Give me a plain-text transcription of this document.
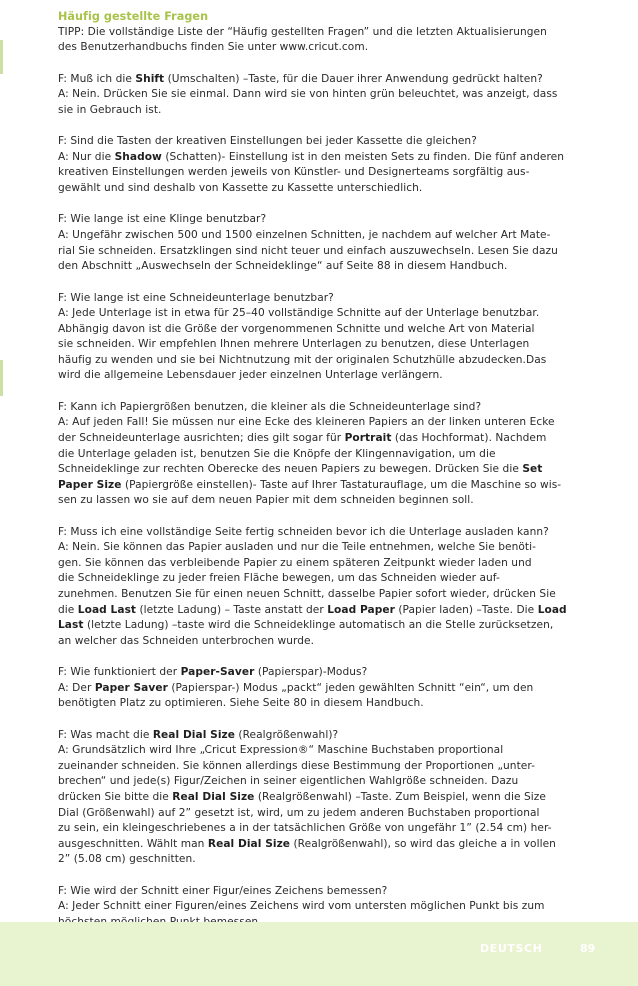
Häufig gestellte Fragen
TIPP: Die vollständige Liste der “Häufig gestellten Fragen” und die letzten Aktualisierungen
des Benutzerhandbuchs finden Sie unter www.cricut.com.
F: Muß ich die Shift (Umschalten) –Taste, für die Dauer ihrer Anwendung gedrückt halten?
A: Nein. Drücken Sie sie einmal. Dann wird sie von hinten grün beleuchtet, was anzeigt, dass
sie in Gebrauch ist.
F: Sind die Tasten der kreativen Einstellungen bei jeder Kassette die gleichen?
A: Nur die Shadow (Schatten)- Einstellung ist in den meisten Sets zu finden. Die fünf anderen
kreativen Einstellungen werden jeweils von Künstler- und Designerteams sorgfältig aus-
gewählt und sind deshalb von Kassette zu Kassette unterschiedlich.
F: Wie lange ist eine Klinge benutzbar?
A: Ungefähr zwischen 500 und 1500 einzelnen Schnitten, je nachdem auf welcher Art Mate-
rial Sie schneiden. Ersatzklingen sind nicht teuer und einfach auszuwechseln. Lesen Sie dazu
den Abschnitt „Auswechseln der Schneideklinge“ auf Seite 88 in diesem Handbuch.
F: Wie lange ist eine Schneideunterlage benutzbar?
A: Jede Unterlage ist in etwa für 25–40 vollständige Schnitte auf der Unterlage benutzbar.
Abhängig davon ist die Größe der vorgenommenen Schnitte und welche Art von Material
sie schneiden. Wir empfehlen Ihnen mehrere Unterlagen zu benutzen, diese Unterlagen
häufig zu wenden und sie bei Nichtnutzung mit der originalen Schutzhülle abzudecken.Das
wird die allgemeine Lebensdauer jeder einzelnen Unterlage verlängern.
F: Kann ich Papiergrößen benutzen, die kleiner als die Schneideunterlage sind?
A: Auf jeden Fall! Sie müssen nur eine Ecke des kleineren Papiers an der linken unteren Ecke
der Schneideunterlage ausrichten; dies gilt sogar für Portrait (das Hochformat). Nachdem
die Unterlage geladen ist, benutzen Sie die Knöpfe der Klingennavigation, um die
Schneideklinge zur rechten Oberecke des neuen Papiers zu bewegen. Drücken Sie die Set
Paper Size (Papiergröße einstellen)- Taste auf Ihrer Tastaturauflage, um die Maschine so wis-
sen zu lassen wo sie auf dem neuen Papier mit dem schneiden beginnen soll.
F: Muss ich eine vollständige Seite fertig schneiden bevor ich die Unterlage ausladen kann?
A: Nein. Sie können das Papier ausladen und nur die Teile entnehmen, welche Sie benöti-
gen. Sie können das verbleibende Papier zu einem späteren Zeitpunkt wieder laden und
die Schneideklinge zu jeder freien Fläche bewegen, um das Schneiden wieder auf-
zunehmen. Benutzen Sie für einen neuen Schnitt, dasselbe Papier sofort wieder, drücken Sie
die Load Last (letzte Ladung) – Taste anstatt der Load Paper (Papier laden) –Taste. Die Load
Last (letzte Ladung) –taste wird die Schneideklinge automatisch an die Stelle zurücksetzen,
an welcher das Schneiden unterbrochen wurde.
F: Wie funktioniert der Paper-Saver (Papierspar)-Modus?
A: Der Paper Saver (Papierspar-) Modus „packt“ jeden gewählten Schnitt “ein“, um den
benötigten Platz zu optimieren. Siehe Seite 80 in diesem Handbuch.
F: Was macht die Real Dial Size (Realgrößenwahl)?
A: Grundsätzlich wird Ihre „Cricut Expression®“ Maschine Buchstaben proportional
zueinander schneiden. Sie können allerdings diese Bestimmung der Proportionen „unter-
brechen“ und jede(s) Figur/Zeichen in seiner eigentlichen Wahlgröße schneiden. Dazu
drücken Sie bitte die Real Dial Size (Realgrößenwahl) –Taste. Zum Beispiel, wenn die Size
Dial (Größenwahl) auf 2” gesetzt ist, wird, um zu jedem anderen Buchstaben proportional
zu sein, ein kleingeschriebenes a in der tatsächlichen Größe von ungefähr 1” (2.54 cm) her-
ausgeschnitten. Wählt man Real Dial Size (Realgrößenwahl), so wird das gleiche a in vollen
2” (5.08 cm) geschnitten.
F: Wie wird der Schnitt einer Figur/eines Zeichens bemessen?
A: Jeder Schnitt einer Figuren/eines Zeichens wird vom untersten möglichen Punkt bis zum
DEUTSCH	89
